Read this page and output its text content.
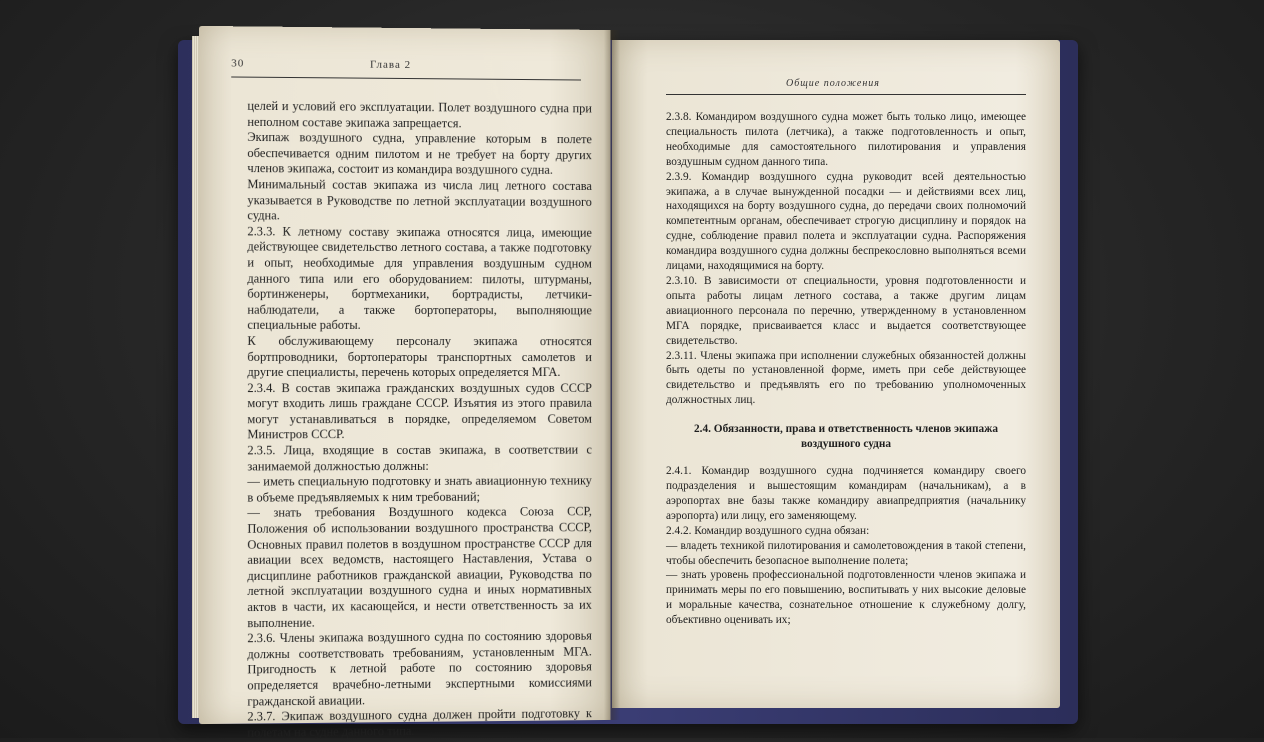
30	Глава 2

целей и условий его эксплуатации. Полет воздушного судна при неполном составе экипажа запрещается.

Экипаж воздушного судна, управление которым в полете обеспечивается одним пилотом и не требует на борту других членов экипажа, состоит из командира воздушного судна.

Минимальный состав экипажа из числа лиц летного состава указывается в Руководстве по летной эксплуатации воздушного судна.

2.3.3. К летному составу экипажа относятся лица, имеющие действующее свидетельство летного состава, а также подготовку и опыт, необходимые для управления воздушным судном данного типа или его оборудованием: пилоты, штурманы, бортинженеры, бортмеханики, бортрадисты, летчики-наблюдатели, а также бортоператоры, выполняющие специальные работы.

К обслуживающему персоналу экипажа относятся бортпроводники, бортоператоры транспортных самолетов и другие специалисты, перечень которых определяется МГА.

2.3.4. В состав экипажа гражданских воздушных судов СССР могут входить лишь граждане СССР. Изъятия из этого правила могут устанавливаться в порядке, определяемом Советом Министров СССР.

2.3.5. Лица, входящие в состав экипажа, в соответствии с занимаемой должностью должны:

— иметь специальную подготовку и знать авиационную технику в объеме предъявляемых к ним требований;

— знать требования Воздушного кодекса Союза ССР, Положения об использовании воздушного пространства СССР, Основных правил полетов в воздушном пространстве СССР для авиации всех ведомств, настоящего Наставления, Устава о дисциплине работников гражданской авиации, Руководства по летной эксплуатации воздушного судна и иных нормативных актов в части, их касающейся, и нести ответственность за их выполнение.

2.3.6. Члены экипажа воздушного судна по состоянию здоровья должны соответствовать требованиям, установленным МГА. Пригодность к летной работе по состоянию здоровья определяется врачебно-летными экспертными комиссиями гражданской авиации.

2.3.7. Экипаж воздушного судна должен пройти подготовку к полетам на судне данного типа.

Общие положения

2.3.8. Командиром воздушного судна может быть только лицо, имеющее специальность пилота (летчика), а также подготовленность и опыт, необходимые для самостоятельного пилотирования и управления воздушным судном данного типа.

2.3.9. Командир воздушного судна руководит всей деятельностью экипажа, а в случае вынужденной посадки — и действиями всех лиц, находящихся на борту воздушного судна, до передачи своих полномочий компетентным органам, обеспечивает строгую дисциплину и порядок на судне, соблюдение правил полета и эксплуатации судна. Распоряжения командира воздушного судна должны беспрекословно выполняться всеми лицами, находящимися на борту.

2.3.10. В зависимости от специальности, уровня подготовленности и опыта работы лицам летного состава, а также другим лицам авиационного персонала по перечню, утвержденному в установленном МГА порядке, присваивается класс и выдается соответствующее свидетельство.

2.3.11. Члены экипажа при исполнении служебных обязанностей должны быть одеты по установленной форме, иметь при себе действующее свидетельство и предъявлять его по требованию уполномоченных должностных лиц.

2.4. Обязанности, права и ответственность членов экипажа воздушного судна

2.4.1. Командир воздушного судна подчиняется командиру своего подразделения и вышестоящим командирам (начальникам), а в аэропортах вне базы также командиру авиапредприятия (начальнику аэропорта) или лицу, его заменяющему.

2.4.2. Командир воздушного судна обязан:

— владеть техникой пилотирования и самолетовождения в такой степени, чтобы обеспечить безопасное выполнение полета;

— знать уровень профессиональной подготовленности членов экипажа и принимать меры по его повышению, воспитывать у них высокие деловые и моральные качества, сознательное отношение к служебному долгу, объективно оценивать их;
